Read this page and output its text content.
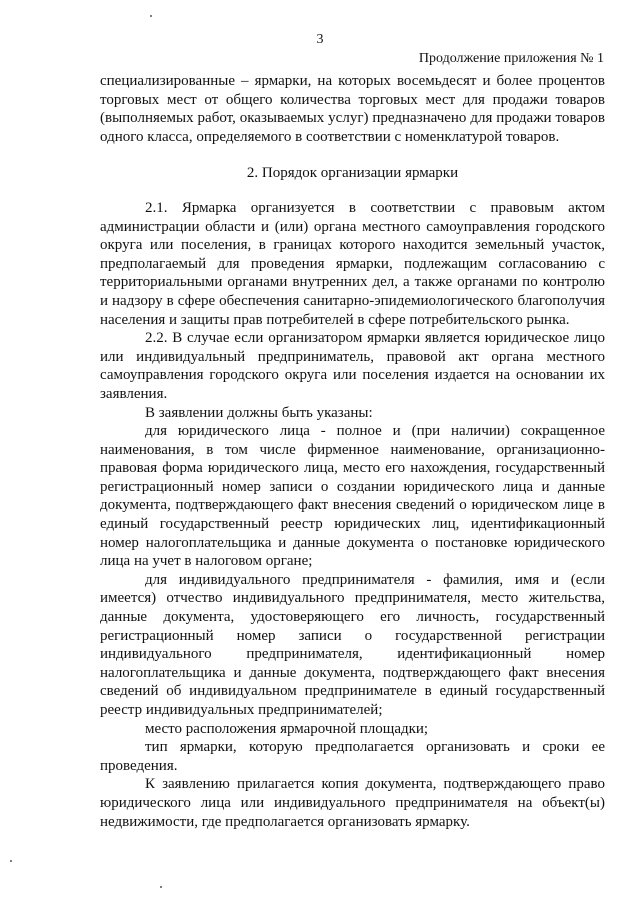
3
Продолжение приложения № 1

специализированные – ярмарки, на которых восемьдесят и более процентов торговых мест от общего количества торговых мест для продажи товаров (выполняемых работ, оказываемых услуг) предназначено для продажи товаров одного класса, определяемого в соответствии с номенклатурой товаров.

2. Порядок организации ярмарки

2.1. Ярмарка организуется в соответствии с правовым актом администрации области и (или) органа местного самоуправления городского округа или поселения, в границах которого находится земельный участок, предполагаемый для проведения ярмарки, подлежащим согласованию с территориальными органами внутренних дел, а также органами по контролю и надзору в сфере обеспечения санитарно-эпидемиологического благополучия населения и защиты прав потребителей в сфере потребительского рынка.

2.2. В случае если организатором ярмарки является юридическое лицо или индивидуальный предприниматель, правовой акт органа местного самоуправления городского округа или поселения издается на основании их заявления.

В заявлении должны быть указаны:

для юридического лица - полное и (при наличии) сокращенное наименования, в том числе фирменное наименование, организационно-правовая форма юридического лица, место его нахождения, государственный регистрационный номер записи о создании юридического лица и данные документа, подтверждающего факт внесения сведений о юридическом лице в единый государственный реестр юридических лиц, идентификационный номер налогоплательщика и данные документа о постановке юридического лица на учет в налоговом органе;

для индивидуального предпринимателя - фамилия, имя и (если имеется) отчество индивидуального предпринимателя, место жительства, данные документа, удостоверяющего его личность, государственный регистрационный номер записи о государственной регистрации индивидуального предпринимателя, идентификационный номер налогоплательщика и данные документа, подтверждающего факт внесения сведений об индивидуальном предпринимателе в единый государственный реестр индивидуальных предпринимателей;

место расположения ярмарочной площадки;

тип ярмарки, которую предполагается организовать и сроки ее проведения.

К заявлению прилагается копия документа, подтверждающего право юридического лица или индивидуального предпринимателя на объект(ы) недвижимости, где предполагается организовать ярмарку.
